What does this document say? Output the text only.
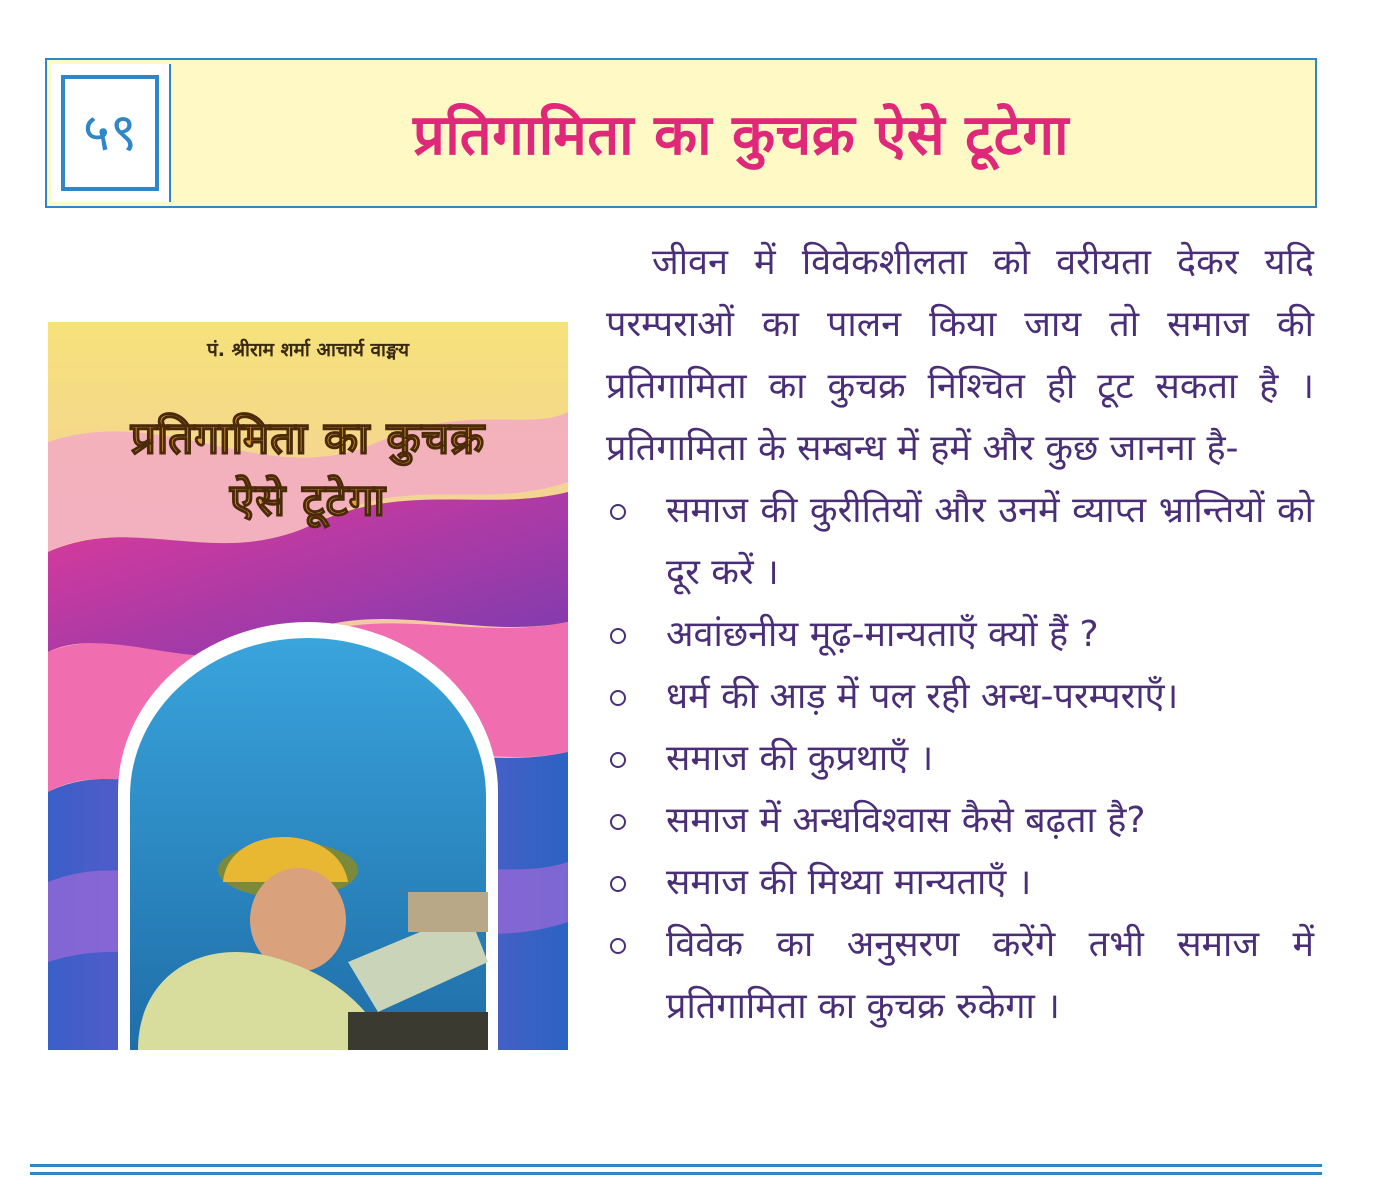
५९	प्रतिगामिता का कुचक्र ऐसे टूटेगा
पं. श्रीराम शर्मा आचार्य वाङ्मय
प्रतिगामिता का कुचक्र
ऐसे टूटेगा

जीवन में विवेकशीलता को वरीयता देकर यदि परम्पराओं का पालन किया जाय तो समाज की प्रतिगामिता का कुचक्र निश्चित ही टूट सकता है । प्रतिगामिता के सम्बन्ध में हमें और कुछ जानना है-

समाज की कुरीतियों और उनमें व्याप्त भ्रान्तियों को दूर करें ।
अवांछनीय मूढ़-मान्यताएँ क्यों हैं ?
धर्म की आड़ में पल रही अन्ध-परम्पराएँ।
समाज की कुप्रथाएँ ।
समाज में अन्धविश्वास कैसे बढ़ता है?
समाज की मिथ्या मान्यताएँ ।
विवेक का अनुसरण करेंगे तभी समाज में प्रतिगामिता का कुचक्र रुकेगा ।
